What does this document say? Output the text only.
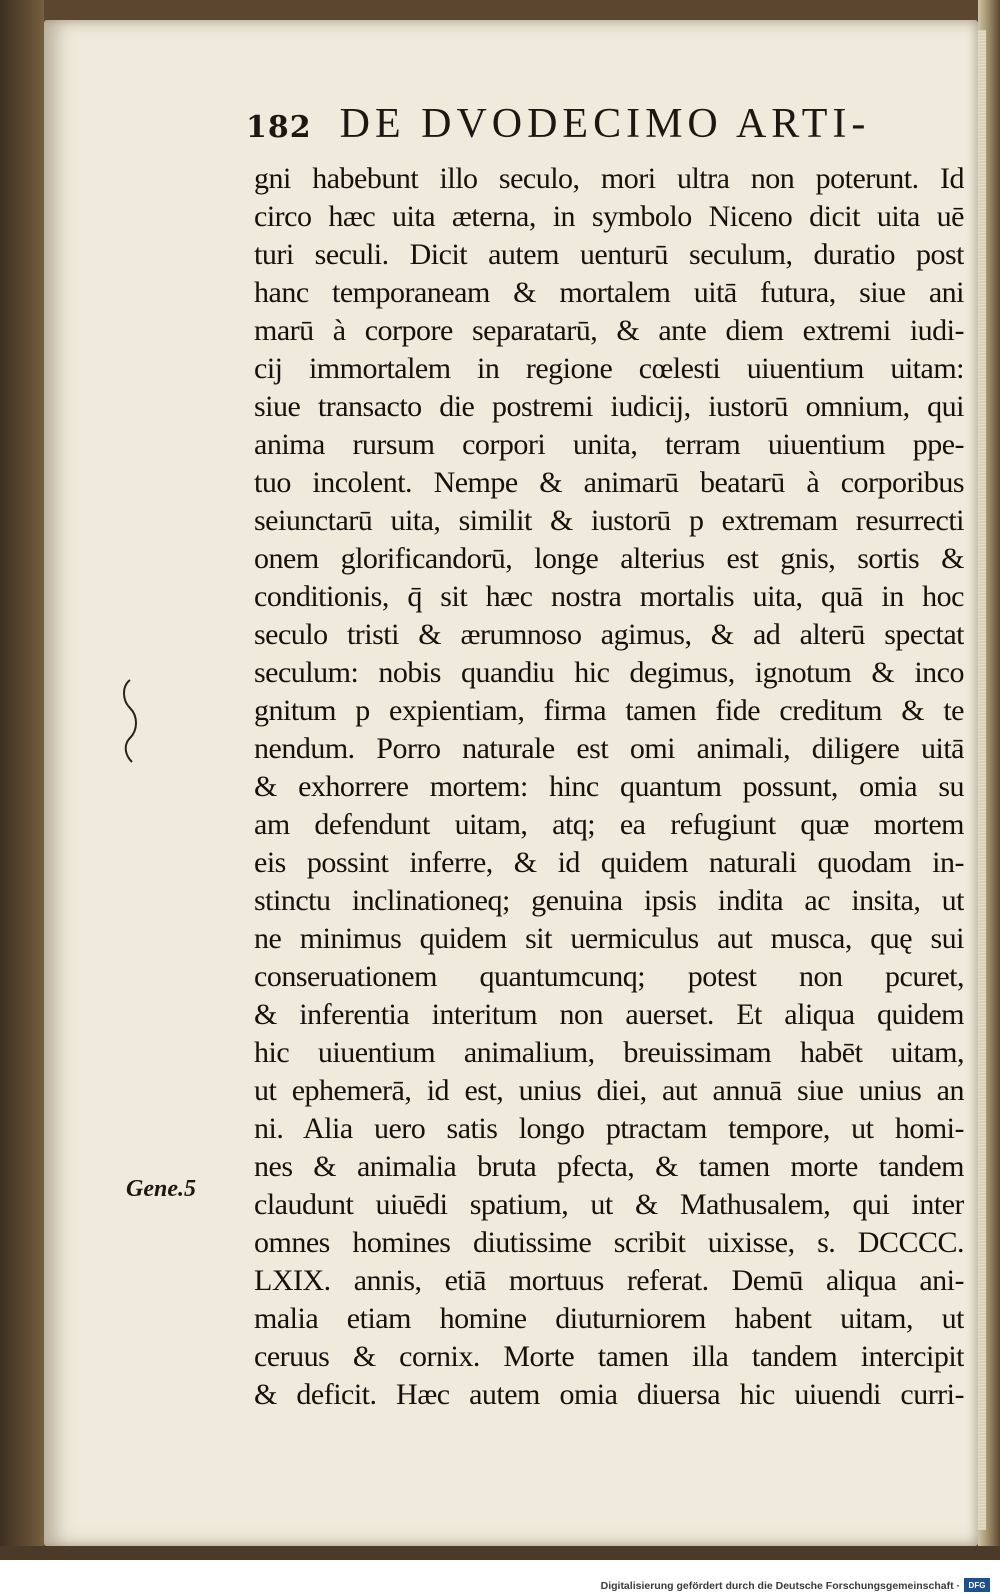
182 DE DVODECIMO ARTI-
Gene.5
gni habebunt illo seculo, mori ultra non poterunt. Id
circo hæc uita æterna, in symbolo Niceno dicit uita uē
turi seculi. Dicit autem uenturū seculum, duratio post
hanc temporaneam & mortalem uitā futura, siue ani
marū à corpore separatarū, & ante diem extremi iudi-
cij immortalem in regione cœlesti uiuentium uitam:
siue transacto die postremi iudicij, iustorū omnium, qui
anima rursum corpori unita, terram uiuentium ppe-
tuo incolent. Nempe & animarū beatarū à corporibus
seiunctarū uita, similit & iustorū p extremam resurrecti
onem glorificandorū, longe alterius est gnis, sortis &
conditionis, q̄ sit hæc nostra mortalis uita, quā in hoc
seculo tristi & ærumnoso agimus, & ad alterū spectat
seculum: nobis quandiu hic degimus, ignotum & inco
gnitum p expientiam, firma tamen fide creditum & te
nendum. Porro naturale est omi animali, diligere uitā
& exhorrere mortem: hinc quantum possunt, omia su
am defendunt uitam, atq; ea refugiunt quæ mortem
eis possint inferre, & id quidem naturali quodam in-
stinctu inclinationeq; genuina ipsis indita ac insita, ut
ne minimus quidem sit uermiculus aut musca, quę sui
conseruationem quantumcunq; potest non pcuret,
& inferentia interitum non auerset. Et aliqua quidem
hic uiuentium animalium, breuissimam habēt uitam,
ut ephemerā, id est, unius diei, aut annuā siue unius an
ni. Alia uero satis longo ptractam tempore, ut homi-
nes & animalia bruta pfecta, & tamen morte tandem
claudunt uiuēdi spatium, ut & Mathusalem, qui inter
omnes homines diutissime scribit uixisse, s. DCCCC.
LXIX. annis, etiā mortuus referat. Demū aliqua ani-
malia etiam homine diuturniorem habent uitam, ut
ceruus & cornix. Morte tamen illa tandem intercipit
& deficit. Hæc autem omia diuersa hic uiuendi curri-
Digitalisierung gefördert durch die Deutsche Forschungsgemeinschaft ·	DFG
